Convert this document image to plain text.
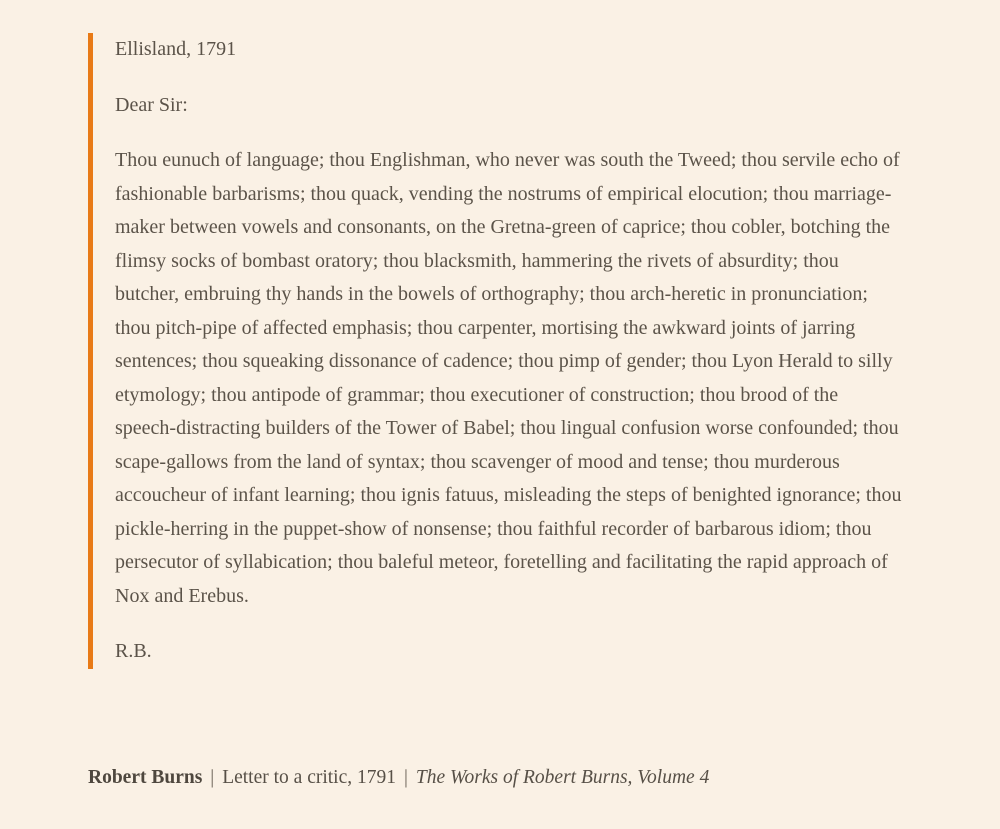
Ellisland, 1791

Dear Sir:

Thou eunuch of language; thou Englishman, who never was south the Tweed; thou servile echo of fashionable barbarisms; thou quack, vending the nostrums of empirical elocution; thou marriage-maker between vowels and consonants, on the Gretna-green of caprice; thou cobler, botching the flimsy socks of bombast oratory; thou blacksmith, hammering the rivets of absurdity; thou butcher, embruing thy hands in the bowels of orthography; thou arch-heretic in pronunciation; thou pitch-pipe of affected emphasis; thou carpenter, mortising the awkward joints of jarring sentences; thou squeaking dissonance of cadence; thou pimp of gender; thou Lyon Herald to silly etymology; thou antipode of grammar; thou executioner of construction; thou brood of the speech-distracting builders of the Tower of Babel; thou lingual confusion worse confounded; thou scape-gallows from the land of syntax; thou scavenger of mood and tense; thou murderous accoucheur of infant learning; thou ignis fatuus, misleading the steps of benighted ignorance; thou pickle-herring in the puppet-show of nonsense; thou faithful recorder of barbarous idiom; thou persecutor of syllabication; thou baleful meteor, foretelling and facilitating the rapid approach of Nox and Erebus.

R.B.

Robert Burns | Letter to a critic, 1791 | The Works of Robert Burns, Volume 4
